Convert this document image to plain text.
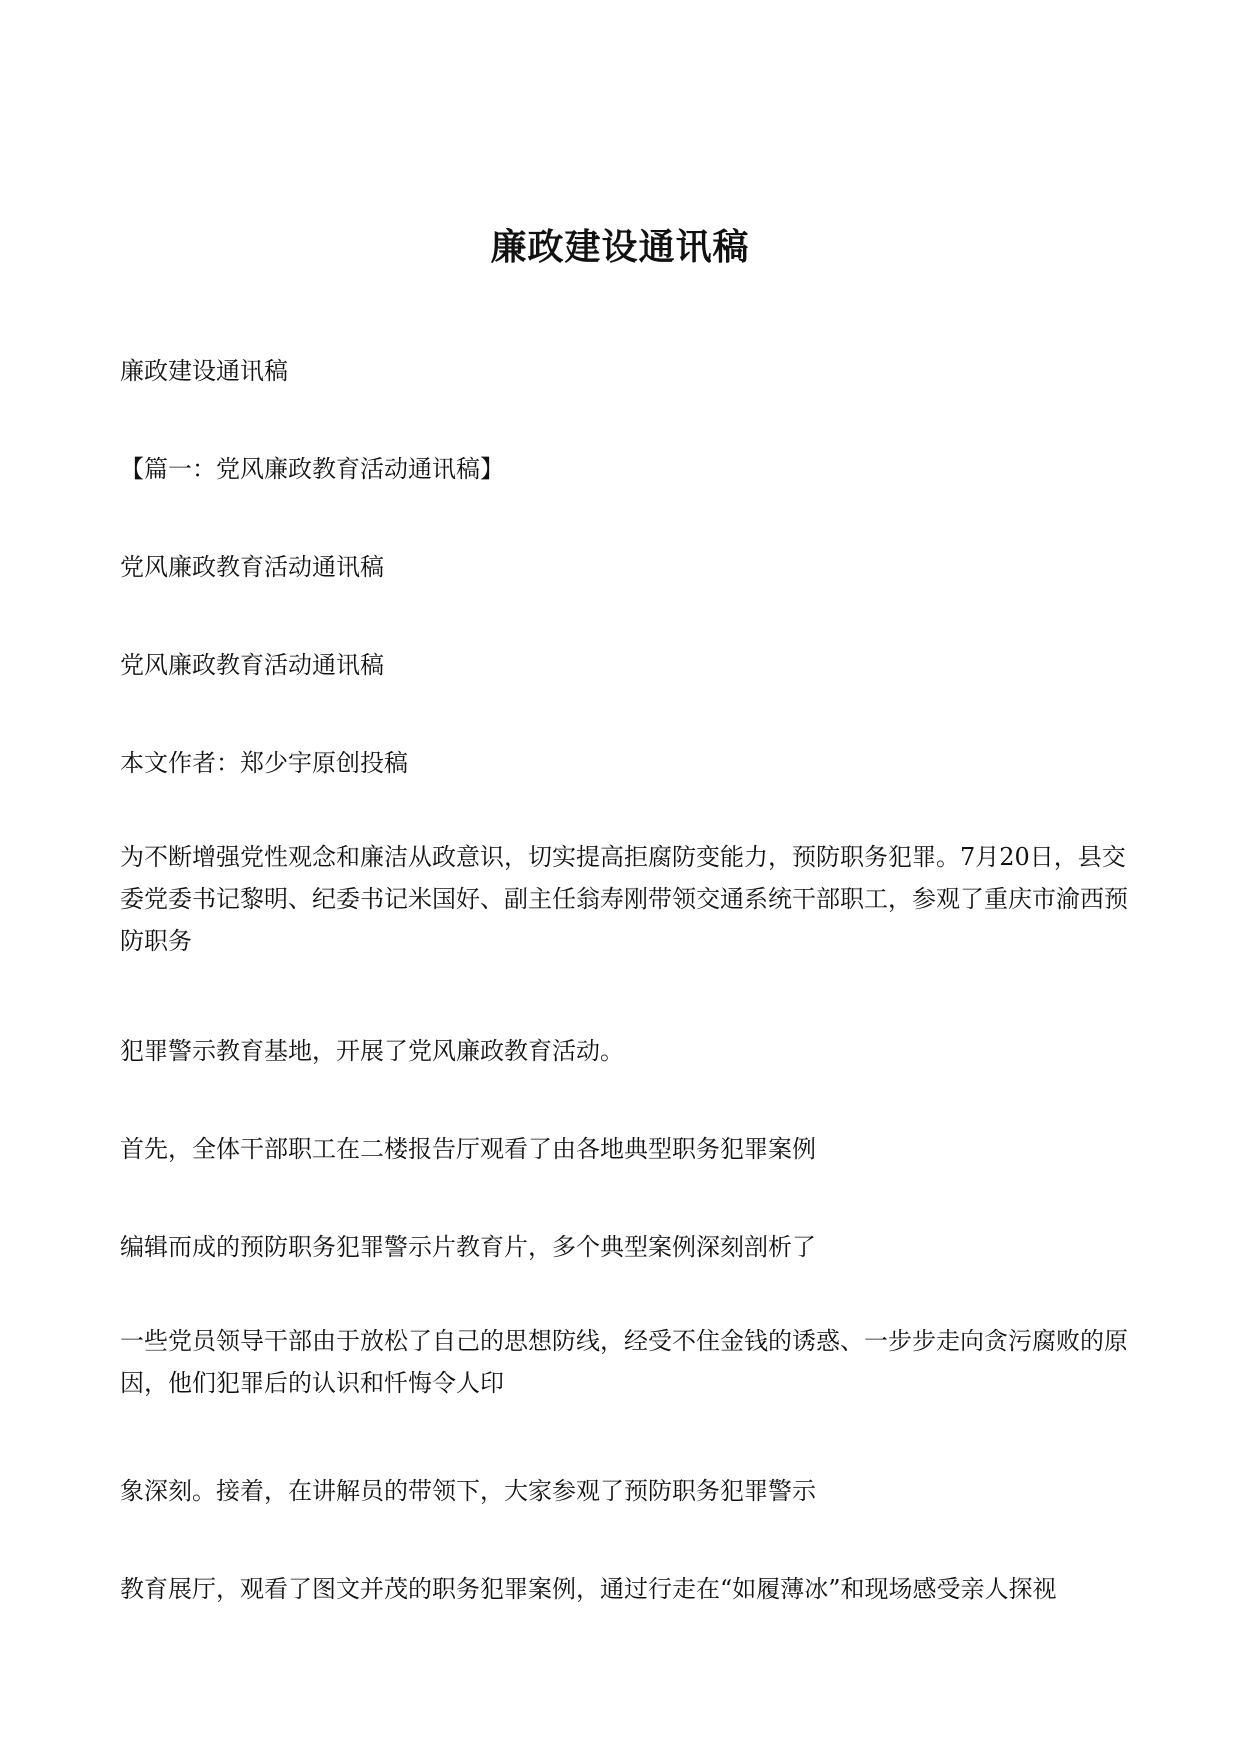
廉政建设通讯稿

廉政建设通讯稿

【篇一：党风廉政教育活动通讯稿】

党风廉政教育活动通讯稿

党风廉政教育活动通讯稿

本文作者：郑少宇原创投稿

为不断增强党性观念和廉洁从政意识，切实提高拒腐防变能力，预防职务犯罪。7月20日，县交委党委书记黎明、纪委书记米国好、副主任翁寿刚带领交通系统干部职工，参观了重庆市渝西预防职务

犯罪警示教育基地，开展了党风廉政教育活动。

首先，全体干部职工在二楼报告厅观看了由各地典型职务犯罪案例

编辑而成的预防职务犯罪警示片教育片，多个典型案例深刻剖析了

一些党员领导干部由于放松了自己的思想防线，经受不住金钱的诱惑、一步步走向贪污腐败的原因，他们犯罪后的认识和忏悔令人印

象深刻。接着，在讲解员的带领下，大家参观了预防职务犯罪警示

教育展厅，观看了图文并茂的职务犯罪案例，通过行走在“如履薄冰”和现场感受亲人探视
